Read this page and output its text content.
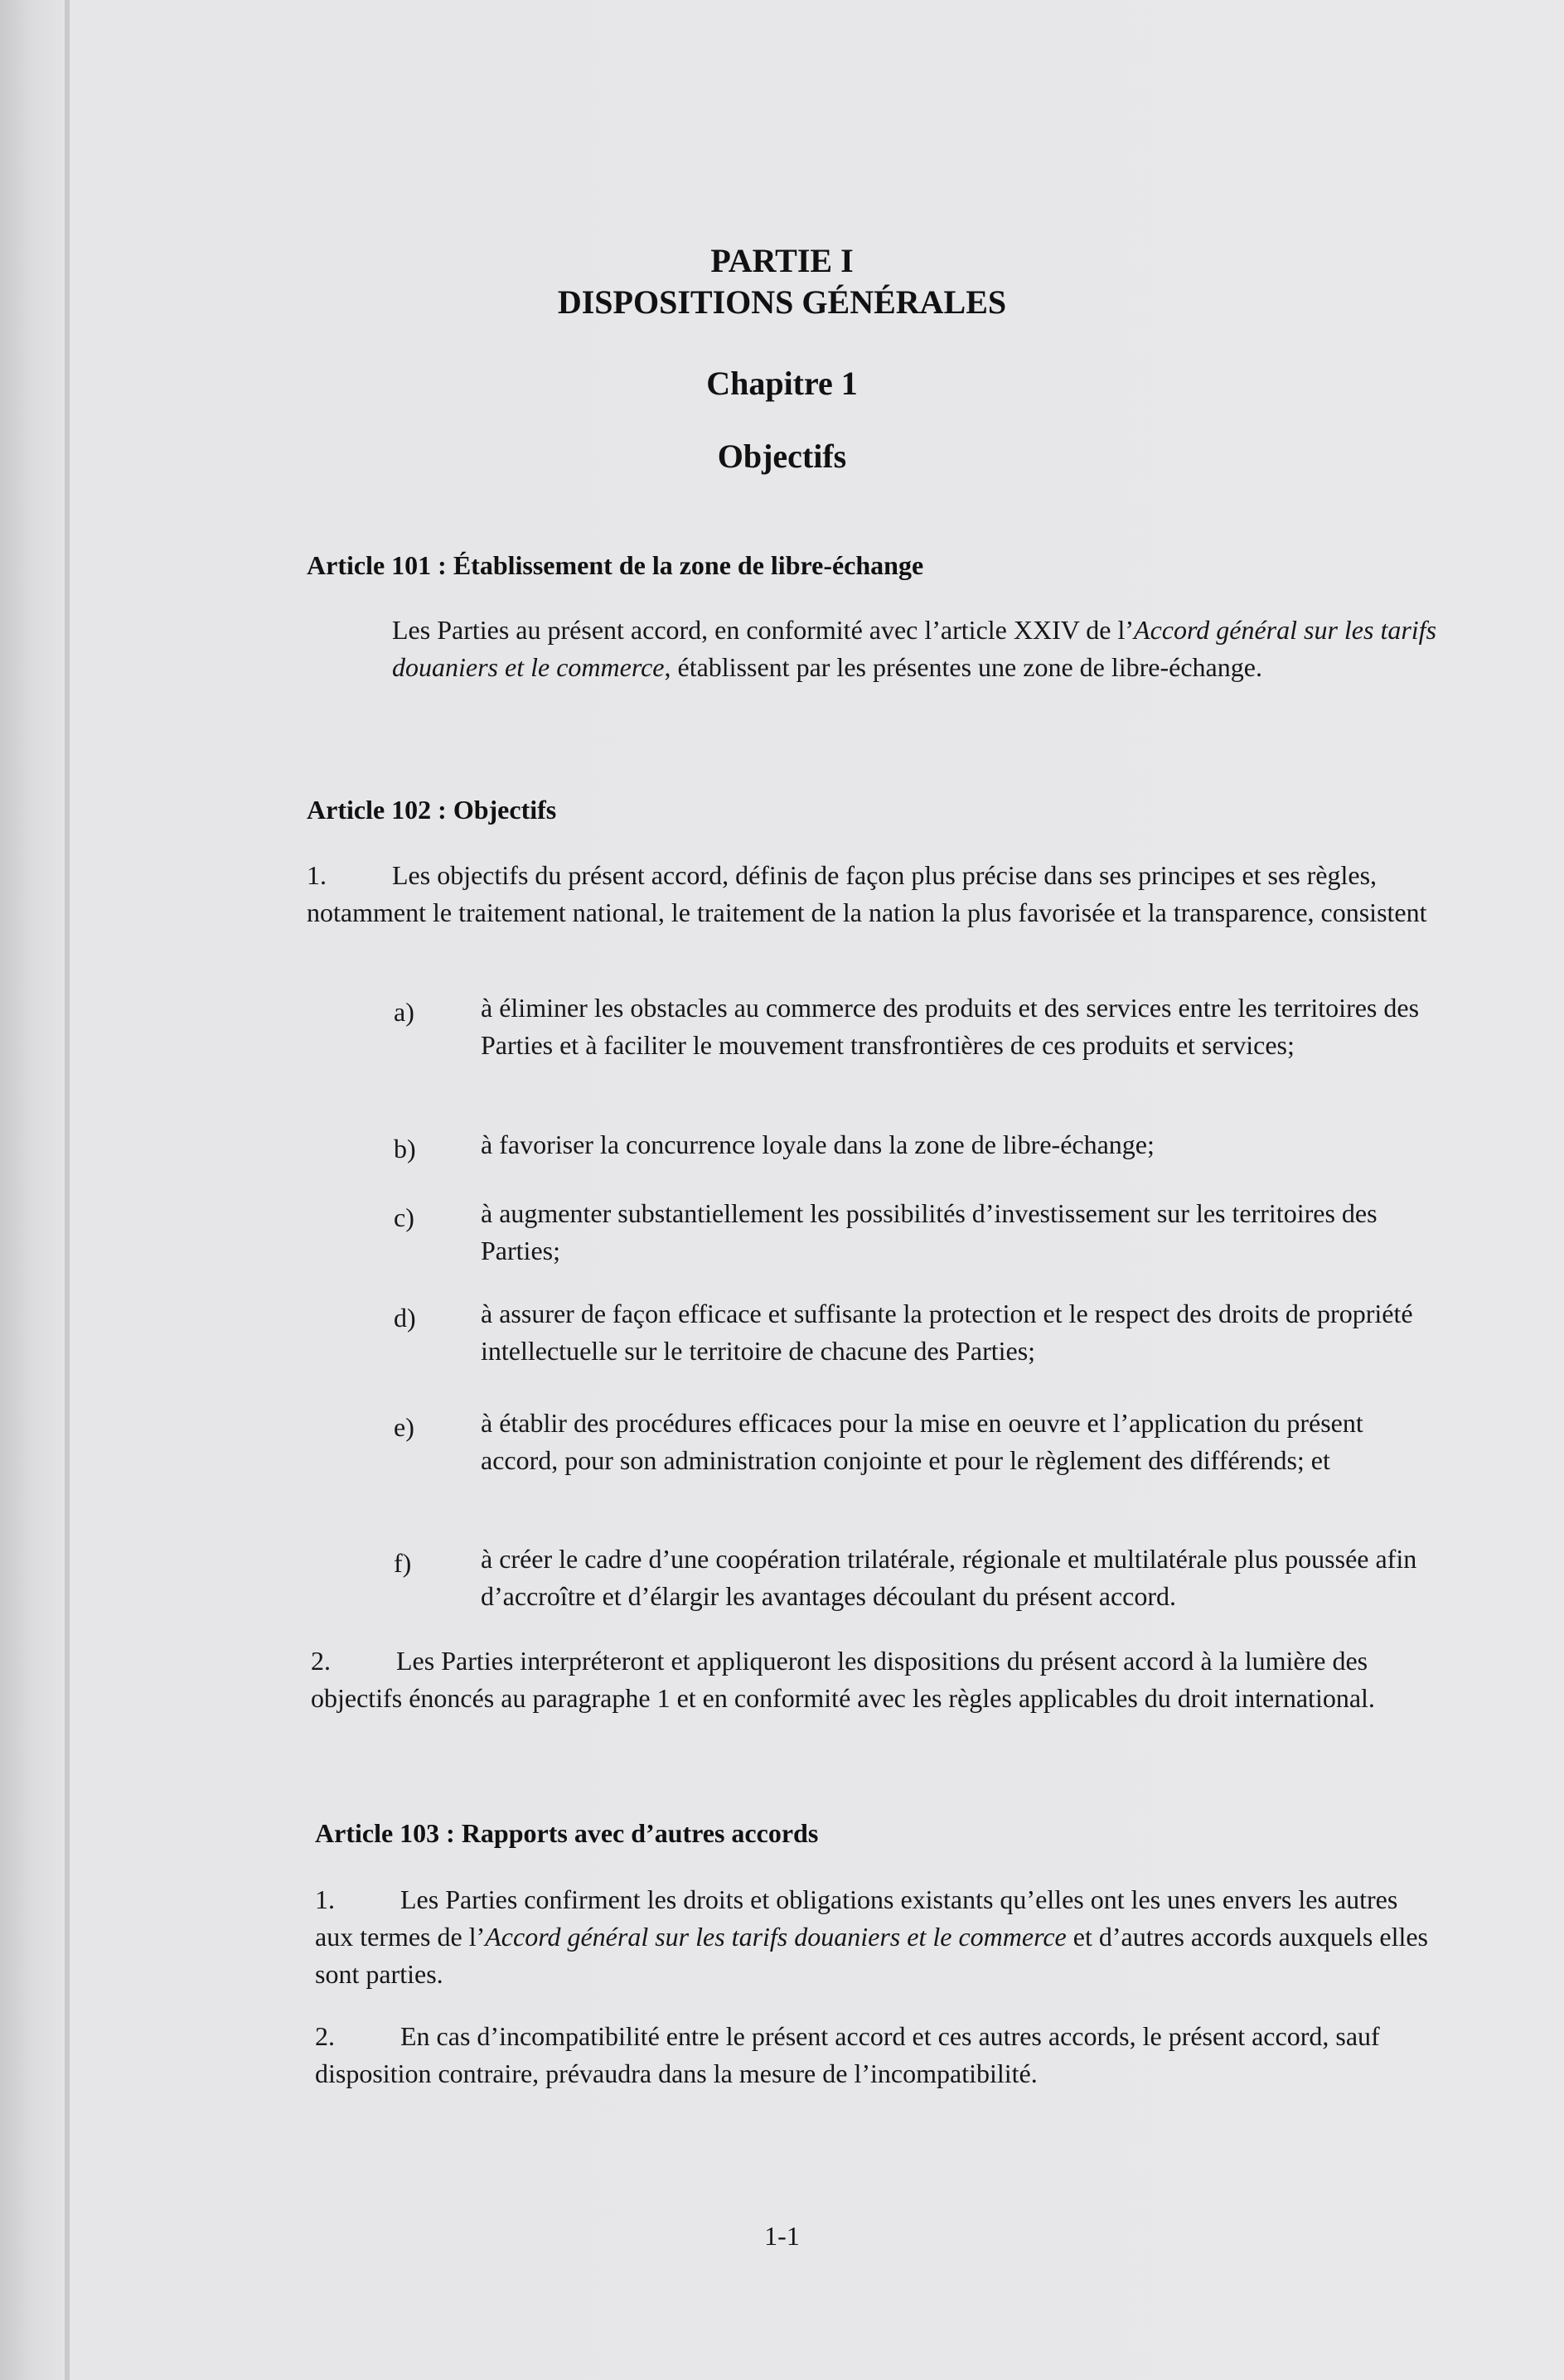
PARTIE I
DISPOSITIONS GÉNÉRALES
Chapitre 1
Objectifs
Article 101 : Établissement de la zone de libre-échange
Les Parties au présent accord, en conformité avec l’article XXIV de l’Accord général sur les tarifs douaniers et le commerce, établissent par les présentes une zone de libre-échange.
Article 102 : Objectifs
1. Les objectifs du présent accord, définis de façon plus précise dans ses principes et ses règles, notamment le traitement national, le traitement de la nation la plus favorisée et la transparence, consistent
a)	à éliminer les obstacles au commerce des produits et des services entre les territoires des Parties et à faciliter le mouvement transfrontières de ces produits et services;
b) à favoriser la concurrence loyale dans la zone de libre-échange;
c)	à augmenter substantiellement les possibilités d’investissement sur les territoires des Parties;
d) à assurer de façon efficace et suffisante la protection et le respect des droits de propriété intellectuelle sur le territoire de chacune des Parties;
e)	à établir des procédures efficaces pour la mise en oeuvre et l’application du présent accord, pour son administration conjointe et pour le règlement des différends; et
f)	à créer le cadre d’une coopération trilatérale, régionale et multilatérale plus poussée afin d’accroître et d’élargir les avantages découlant du présent accord.
2. Les Parties interpréteront et appliqueront les dispositions du présent accord à la lumière des objectifs énoncés au paragraphe 1 et en conformité avec les règles applicables du droit international.
Article 103 : Rapports avec d’autres accords
1. Les Parties confirment les droits et obligations existants qu’elles ont les unes envers les autres aux termes de l’Accord général sur les tarifs douaniers et le commerce et d’autres accords auxquels elles sont parties.
2. En cas d’incompatibilité entre le présent accord et ces autres accords, le présent accord, sauf disposition contraire, prévaudra dans la mesure de l’incompatibilité.
1-1
